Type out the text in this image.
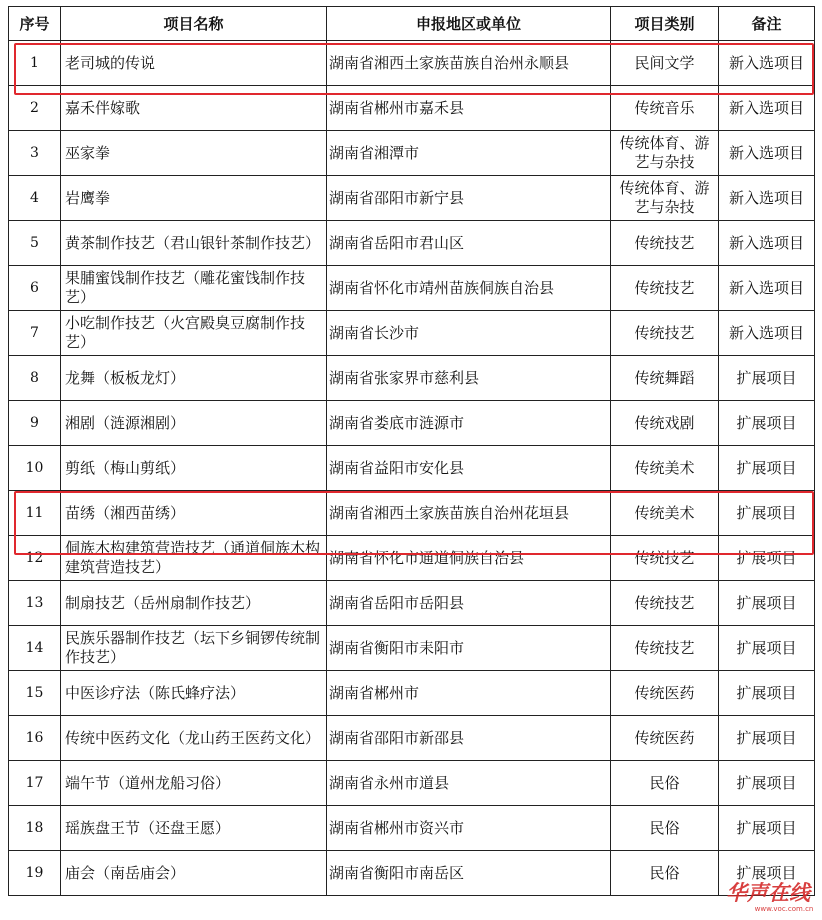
序号	项目名称	申报地区或单位	项目类别	备注
1	老司城的传说	湖南省湘西土家族苗族自治州永顺县	民间文学	新入选项目
2	嘉禾伴嫁歌	湖南省郴州市嘉禾县	传统音乐	新入选项目
3	巫家拳	湖南省湘潭市	传统体育、游艺与杂技	新入选项目
4	岩鹰拳	湖南省邵阳市新宁县	传统体育、游艺与杂技	新入选项目
5	黄茶制作技艺（君山银针茶制作技艺）	湖南省岳阳市君山区	传统技艺	新入选项目
6	果脯蜜饯制作技艺（雕花蜜饯制作技艺）	湖南省怀化市靖州苗族侗族自治县	传统技艺	新入选项目
7	小吃制作技艺（火宫殿臭豆腐制作技艺）	湖南省长沙市	传统技艺	新入选项目
8	龙舞（板板龙灯）	湖南省张家界市慈利县	传统舞蹈	扩展项目
9	湘剧（涟源湘剧）	湖南省娄底市涟源市	传统戏剧	扩展项目
10	剪纸（梅山剪纸）	湖南省益阳市安化县	传统美术	扩展项目
11	苗绣（湘西苗绣）	湖南省湘西土家族苗族自治州花垣县	传统美术	扩展项目
12	侗族木构建筑营造技艺（通道侗族木构建筑营造技艺）	湖南省怀化市通道侗族自治县	传统技艺	扩展项目
13	制扇技艺（岳州扇制作技艺）	湖南省岳阳市岳阳县	传统技艺	扩展项目
14	民族乐器制作技艺（坛下乡铜锣传统制作技艺）	湖南省衡阳市耒阳市	传统技艺	扩展项目
15	中医诊疗法（陈氏蜂疗法）	湖南省郴州市	传统医药	扩展项目
16	传统中医药文化（龙山药王医药文化）	湖南省邵阳市新邵县	传统医药	扩展项目
17	端午节（道州龙船习俗）	湖南省永州市道县	民俗	扩展项目
18	瑶族盘王节（还盘王愿）	湖南省郴州市资兴市	民俗	扩展项目
19	庙会（南岳庙会）	湖南省衡阳市南岳区	民俗	扩展项目
华声在线
www.voc.com.cn
